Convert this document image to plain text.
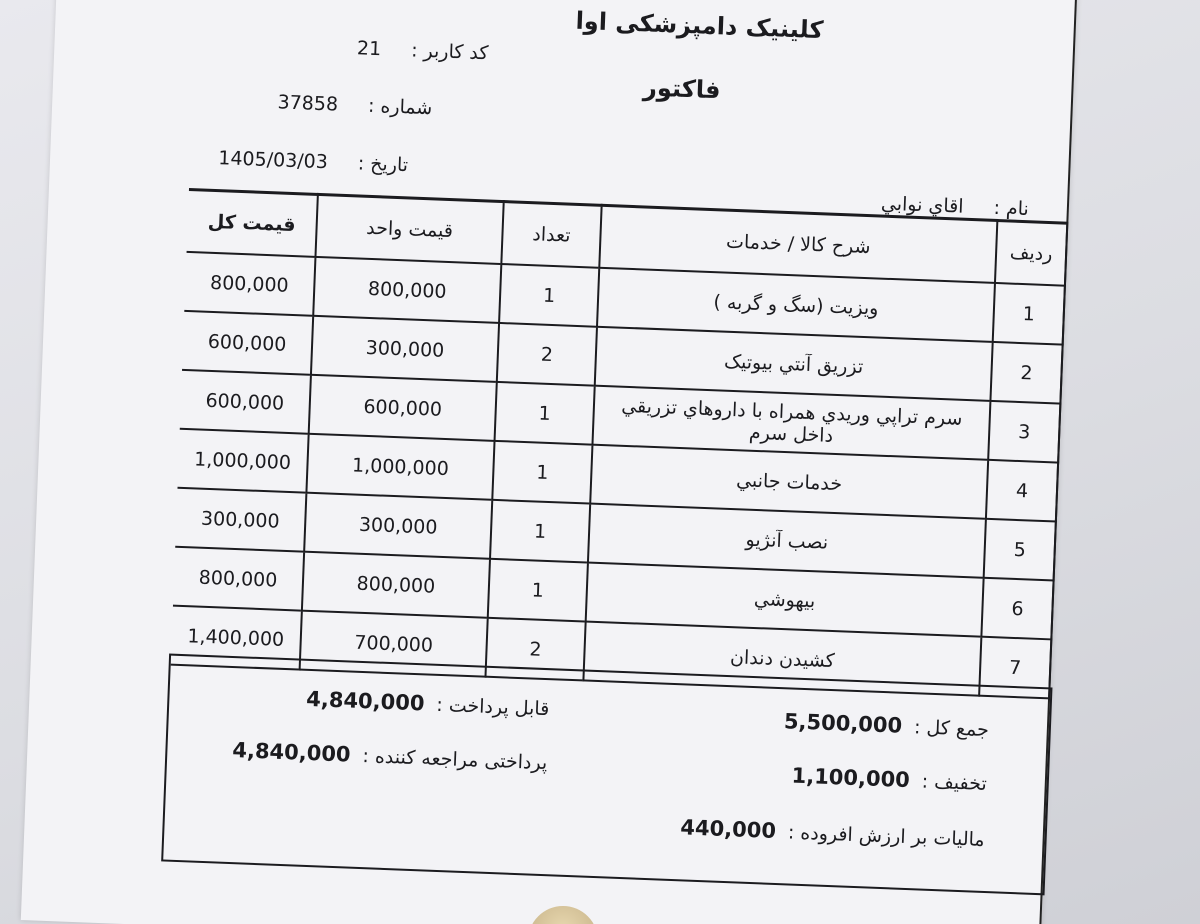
کلینیک دامپزشکی اوا
فاکتور
کد کاربر : 21
شماره : 37858
تاریخ : 1405/03/03
نام : اقاي نوابي
رديف	شرح کالا / خدمات	تعداد	قيمت واحد	قيمت کل
1	ويزيت (سگ و گربه )	1	800,000	800,000
2	تزريق آنتي بيوتيک	2	300,000	600,000
3	سرم تراپي وريدي همراه با داروهاي تزريقي داخل سرم	1	600,000	600,000
4	خدمات جانبي	1	1,000,000	1,000,000
5	نصب آنژيو	1	300,000	300,000
6	بيهوشي	1	800,000	800,000
7	کشيدن دندان	2	700,000	1,400,000
جمع کل :
5,500,000
تخفیف :
1,100,000
ماليات بر ارزش افروده :
440,000
قابل پرداخت :
4,840,000
پرداختی مراجعه کننده :
4,840,000
